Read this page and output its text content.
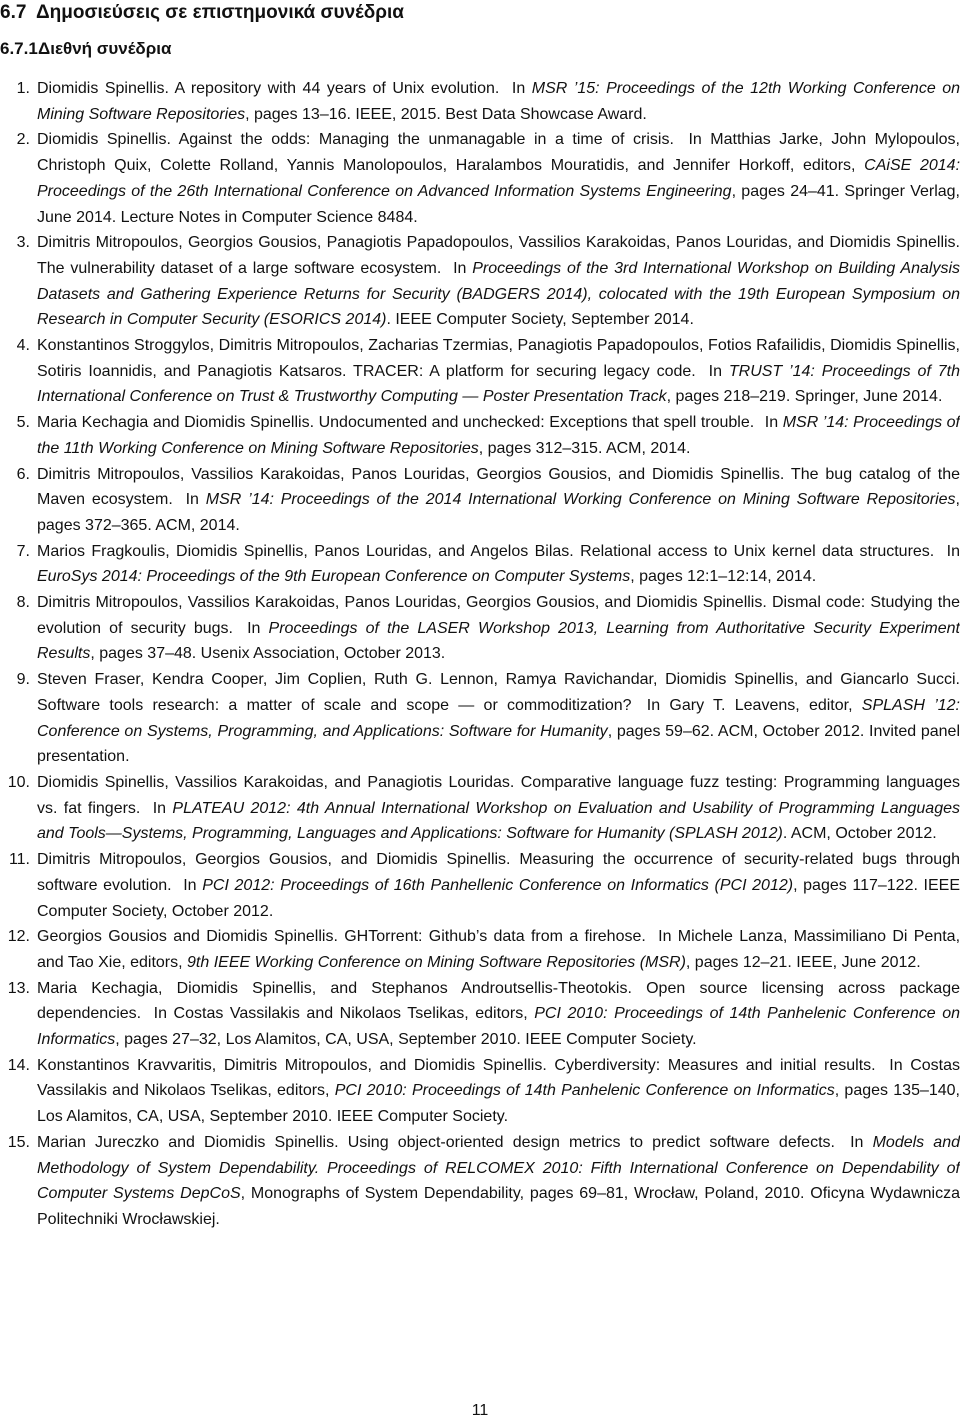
6.7 Δημοσιεύσεις σε επιστημονικά συνέδρια
6.7.1Διεθνή συνέδρια
1. Diomidis Spinellis. A repository with 44 years of Unix evolution. In MSR ’15: Proceedings of the 12th Working Conference on Mining Software Repositories, pages 13–16. IEEE, 2015. Best Data Showcase Award.
2. Diomidis Spinellis. Against the odds: Managing the unmanagable in a time of crisis. In Matthias Jarke, John Mylopoulos, Christoph Quix, Colette Rolland, Yannis Manolopoulos, Haralambos Mouratidis, and Jennifer Horkoff, editors, CAiSE 2014: Proceedings of the 26th International Conference on Advanced Information Systems Engineering, pages 24–41. Springer Verlag, June 2014. Lecture Notes in Computer Science 8484.
3. Dimitris Mitropoulos, Georgios Gousios, Panagiotis Papadopoulos, Vassilios Karakoidas, Panos Louridas, and Diomidis Spinellis. The vulnerability dataset of a large software ecosystem. In Proceedings of the 3rd International Workshop on Building Analysis Datasets and Gathering Experience Returns for Security (BADGERS 2014), colocated with the 19th European Symposium on Research in Computer Security (ESORICS 2014). IEEE Computer Society, September 2014.
4. Konstantinos Stroggylos, Dimitris Mitropoulos, Zacharias Tzermias, Panagiotis Papadopoulos, Fotios Rafailidis, Diomidis Spinellis, Sotiris Ioannidis, and Panagiotis Katsaros. TRACER: A platform for securing legacy code. In TRUST ’14: Proceedings of 7th International Conference on Trust & Trustworthy Computing — Poster Presentation Track, pages 218–219. Springer, June 2014.
5. Maria Kechagia and Diomidis Spinellis. Undocumented and unchecked: Exceptions that spell trouble. In MSR ’14: Proceedings of the 11th Working Conference on Mining Software Repositories, pages 312–315. ACM, 2014.
6. Dimitris Mitropoulos, Vassilios Karakoidas, Panos Louridas, Georgios Gousios, and Diomidis Spinellis. The bug catalog of the Maven ecosystem. In MSR ’14: Proceedings of the 2014 International Working Conference on Mining Software Repositories, pages 372–365. ACM, 2014.
7. Marios Fragkoulis, Diomidis Spinellis, Panos Louridas, and Angelos Bilas. Relational access to Unix kernel data structures. In EuroSys 2014: Proceedings of the 9th European Conference on Computer Systems, pages 12:1–12:14, 2014.
8. Dimitris Mitropoulos, Vassilios Karakoidas, Panos Louridas, Georgios Gousios, and Diomidis Spinellis. Dismal code: Studying the evolution of security bugs. In Proceedings of the LASER Workshop 2013, Learning from Authoritative Security Experiment Results, pages 37–48. Usenix Association, October 2013.
9. Steven Fraser, Kendra Cooper, Jim Coplien, Ruth G. Lennon, Ramya Ravichandar, Diomidis Spinellis, and Giancarlo Succi. Software tools research: a matter of scale and scope — or commoditization? In Gary T. Leavens, editor, SPLASH ’12: Conference on Systems, Programming, and Applications: Software for Humanity, pages 59–62. ACM, October 2012. Invited panel presentation.
10. Diomidis Spinellis, Vassilios Karakoidas, and Panagiotis Louridas. Comparative language fuzz testing: Programming languages vs. fat fingers. In PLATEAU 2012: 4th Annual International Workshop on Evaluation and Usability of Programming Languages and Tools—Systems, Programming, Languages and Applications: Software for Humanity (SPLASH 2012). ACM, October 2012.
11. Dimitris Mitropoulos, Georgios Gousios, and Diomidis Spinellis. Measuring the occurrence of security-related bugs through software evolution. In PCI 2012: Proceedings of 16th Panhellenic Conference on Informatics (PCI 2012), pages 117–122. IEEE Computer Society, October 2012.
12. Georgios Gousios and Diomidis Spinellis. GHTorrent: Github’s data from a firehose. In Michele Lanza, Massimiliano Di Penta, and Tao Xie, editors, 9th IEEE Working Conference on Mining Software Repositories (MSR), pages 12–21. IEEE, June 2012.
13. Maria Kechagia, Diomidis Spinellis, and Stephanos Androutsellis-Theotokis. Open source licensing across package dependencies. In Costas Vassilakis and Nikolaos Tselikas, editors, PCI 2010: Proceedings of 14th Panhelenic Conference on Informatics, pages 27–32, Los Alamitos, CA, USA, September 2010. IEEE Computer Society.
14. Konstantinos Kravvaritis, Dimitris Mitropoulos, and Diomidis Spinellis. Cyberdiversity: Measures and initial results. In Costas Vassilakis and Nikolaos Tselikas, editors, PCI 2010: Proceedings of 14th Panhelenic Conference on Informatics, pages 135–140, Los Alamitos, CA, USA, September 2010. IEEE Computer Society.
15. Marian Jureczko and Diomidis Spinellis. Using object-oriented design metrics to predict software defects. In Models and Methodology of System Dependability. Proceedings of RELCOMEX 2010: Fifth International Conference on Dependability of Computer Systems DepCoS, Monographs of System Dependability, pages 69–81, Wrocław, Poland, 2010. Oficyna Wydawnicza Politechniki Wrocławskiej.
11
